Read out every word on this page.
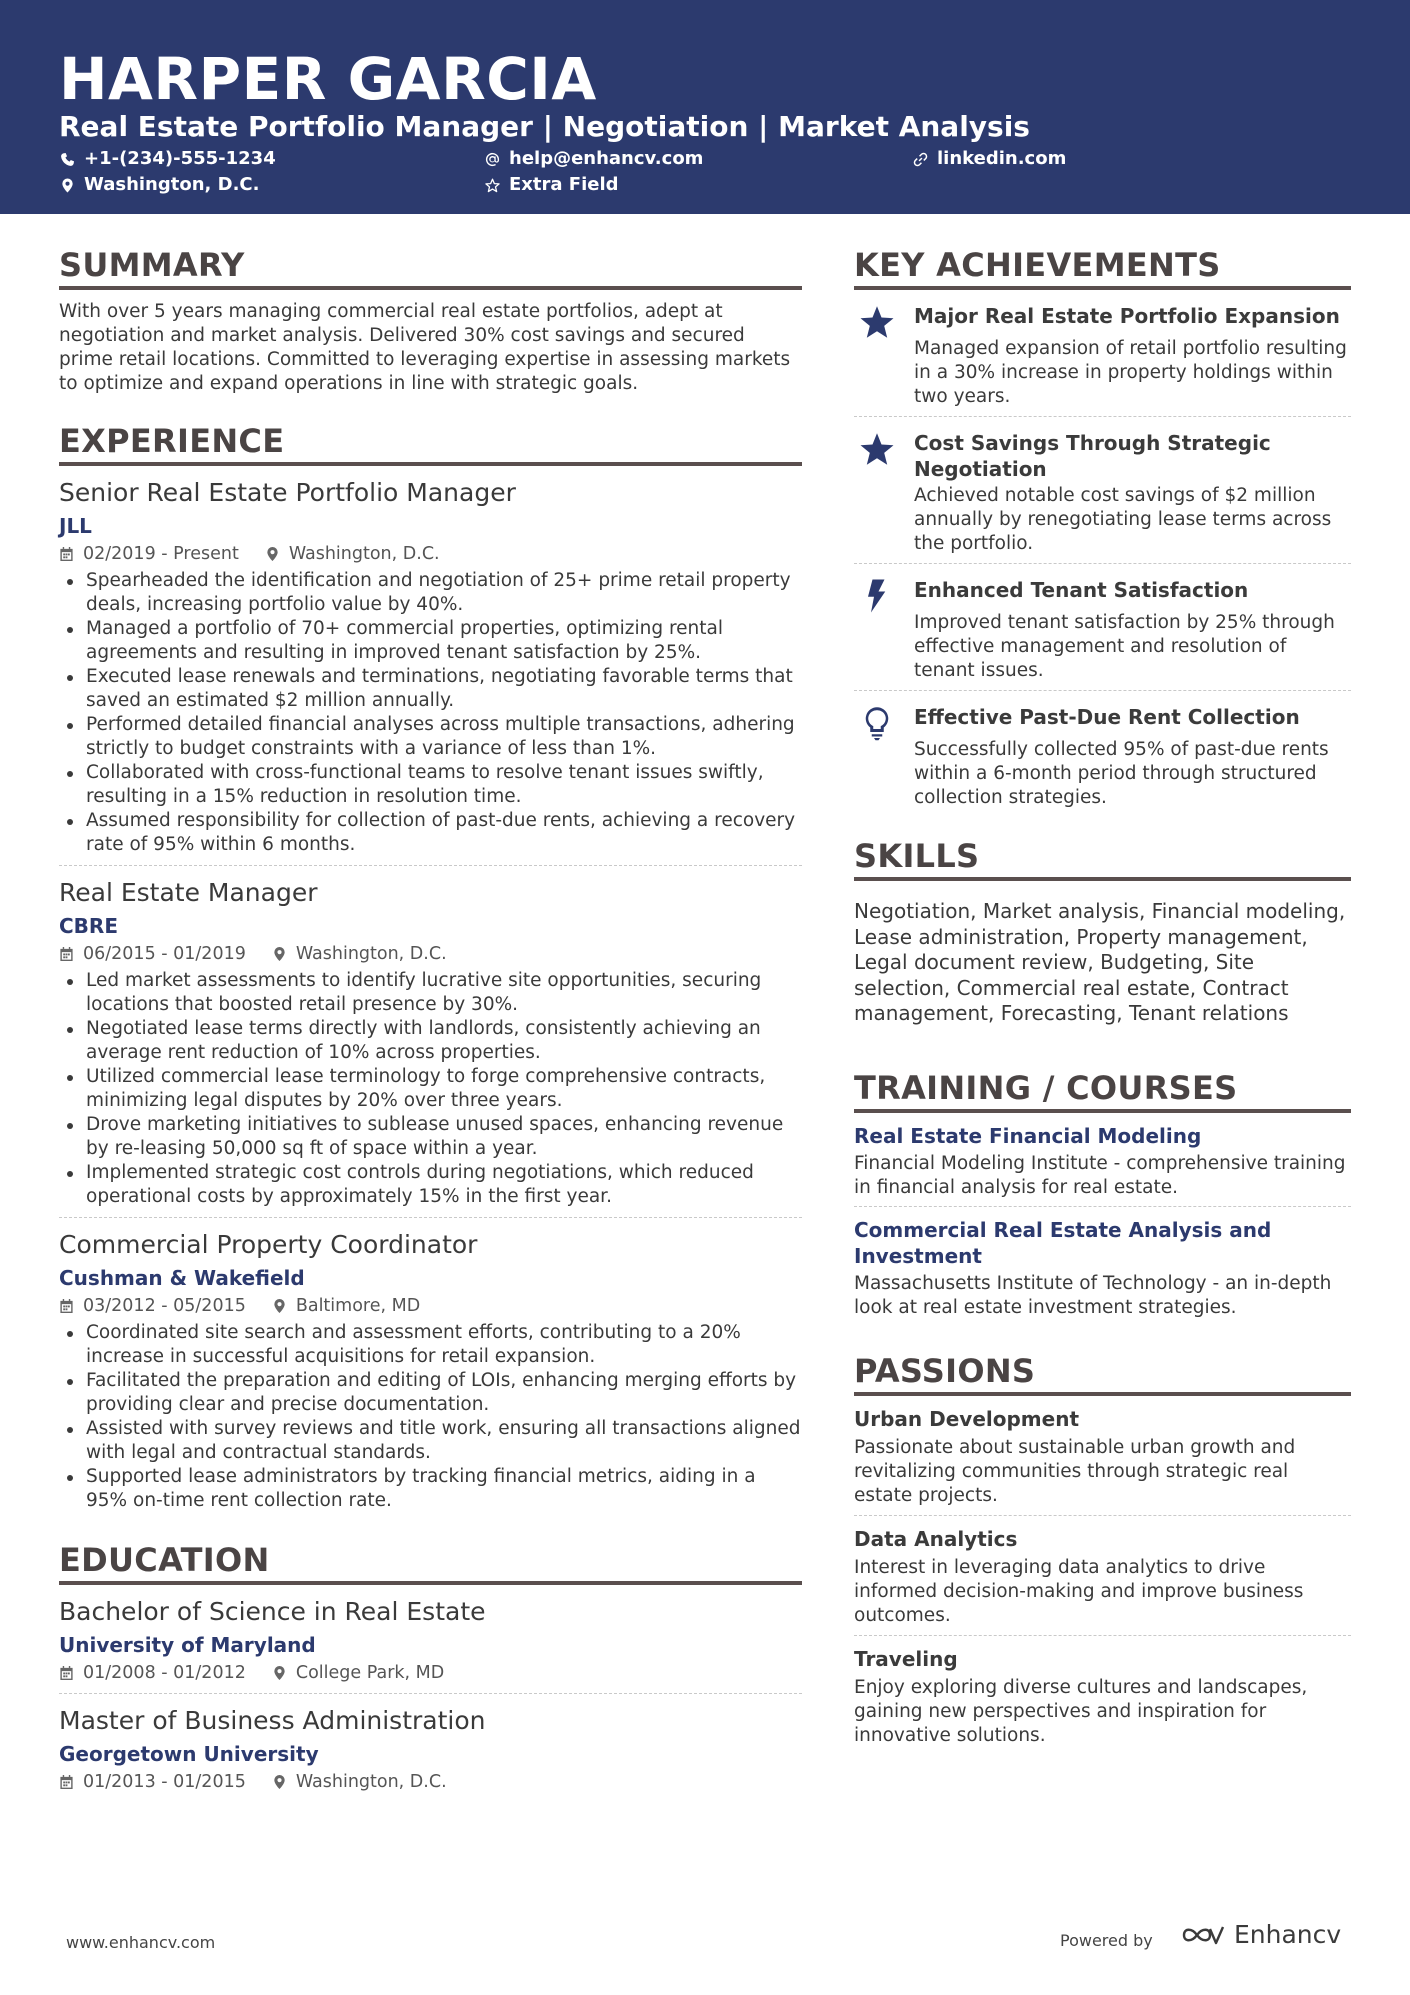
HARPER GARCIA
Real Estate Portfolio Manager | Negotiation | Market Analysis
+1-(234)-555-1234	help@enhancv.com	linkedin.com
Washington, D.C.	Extra Field
SUMMARY
With over 5 years managing commercial real estate portfolios, adept at negotiation and market analysis. Delivered 30% cost savings and secured prime retail locations. Committed to leveraging expertise in assessing markets to optimize and expand operations in line with strategic goals.
EXPERIENCE
Senior Real Estate Portfolio Manager
JLL
02/2019 - Present	Washington, D.C.
Spearheaded the identification and negotiation of 25+ prime retail property deals, increasing portfolio value by 40%.
Managed a portfolio of 70+ commercial properties, optimizing rental agreements and resulting in improved tenant satisfaction by 25%.
Executed lease renewals and terminations, negotiating favorable terms that saved an estimated $2 million annually.
Performed detailed financial analyses across multiple transactions, adhering strictly to budget constraints with a variance of less than 1%.
Collaborated with cross-functional teams to resolve tenant issues swiftly, resulting in a 15% reduction in resolution time.
Assumed responsibility for collection of past-due rents, achieving a recovery rate of 95% within 6 months.
Real Estate Manager
CBRE
06/2015 - 01/2019	Washington, D.C.
Led market assessments to identify lucrative site opportunities, securing locations that boosted retail presence by 30%.
Negotiated lease terms directly with landlords, consistently achieving an average rent reduction of 10% across properties.
Utilized commercial lease terminology to forge comprehensive contracts, minimizing legal disputes by 20% over three years.
Drove marketing initiatives to sublease unused spaces, enhancing revenue by re-leasing 50,000 sq ft of space within a year.
Implemented strategic cost controls during negotiations, which reduced operational costs by approximately 15% in the first year.
Commercial Property Coordinator
Cushman & Wakefield
03/2012 - 05/2015	Baltimore, MD
Coordinated site search and assessment efforts, contributing to a 20% increase in successful acquisitions for retail expansion.
Facilitated the preparation and editing of LOIs, enhancing merging efforts by providing clear and precise documentation.
Assisted with survey reviews and title work, ensuring all transactions aligned with legal and contractual standards.
Supported lease administrators by tracking financial metrics, aiding in a 95% on-time rent collection rate.
EDUCATION
Bachelor of Science in Real Estate
University of Maryland
01/2008 - 01/2012	College Park, MD
Master of Business Administration
Georgetown University
01/2013 - 01/2015	Washington, D.C.
KEY ACHIEVEMENTS
Major Real Estate Portfolio Expansion
Managed expansion of retail portfolio resulting in a 30% increase in property holdings within two years.
Cost Savings Through Strategic Negotiation
Achieved notable cost savings of $2 million annually by renegotiating lease terms across the portfolio.
Enhanced Tenant Satisfaction
Improved tenant satisfaction by 25% through effective management and resolution of tenant issues.
Effective Past-Due Rent Collection
Successfully collected 95% of past-due rents within a 6-month period through structured collection strategies.
SKILLS
Negotiation, Market analysis, Financial modeling, Lease administration, Property management, Legal document review, Budgeting, Site selection, Commercial real estate, Contract management, Forecasting, Tenant relations
TRAINING / COURSES
Real Estate Financial Modeling
Financial Modeling Institute - comprehensive training in financial analysis for real estate.
Commercial Real Estate Analysis and Investment
Massachusetts Institute of Technology - an in-depth look at real estate investment strategies.
PASSIONS
Urban Development
Passionate about sustainable urban growth and revitalizing communities through strategic real estate projects.
Data Analytics
Interest in leveraging data analytics to drive informed decision-making and improve business outcomes.
Traveling
Enjoy exploring diverse cultures and landscapes, gaining new perspectives and inspiration for innovative solutions.
www.enhancv.com	Powered by	Enhancv
